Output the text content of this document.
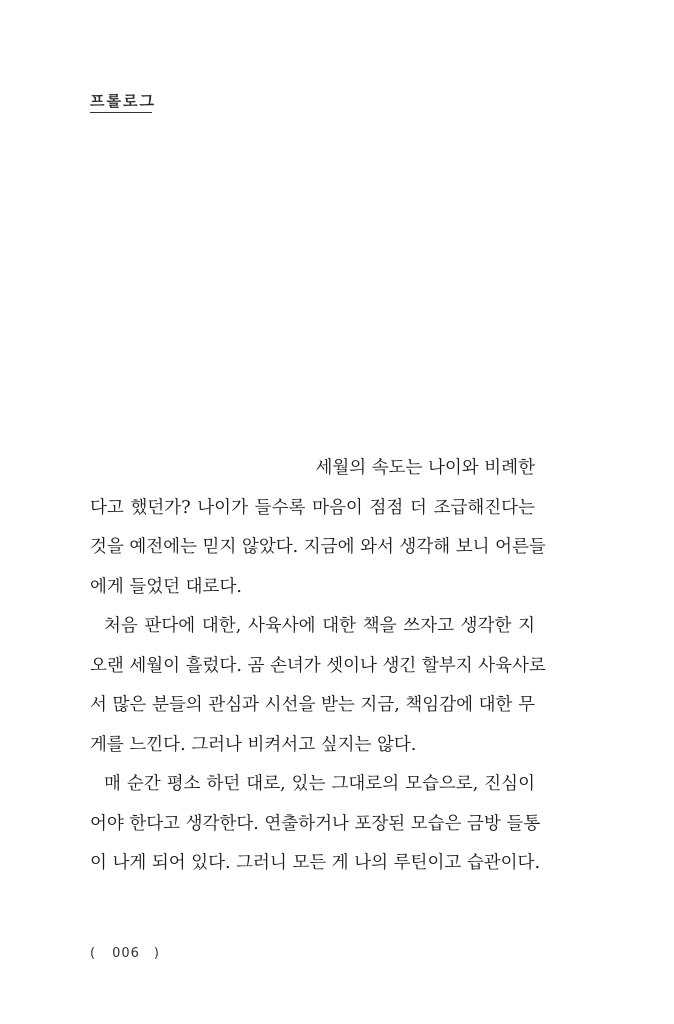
프롤로그
세월의 속도는 나이와 비례한
다고 했던가? 나이가 들수록 마음이 점점 더 조급해진다는
것을 예전에는 믿지 않았다. 지금에 와서 생각해 보니 어른들
에게 들었던 대로다.
처음 판다에 대한, 사육사에 대한 책을 쓰자고 생각한 지
오랜 세월이 흘렀다. 곰 손녀가 셋이나 생긴 할부지 사육사로
서 많은 분들의 관심과 시선을 받는 지금, 책임감에 대한 무
게를 느낀다. 그러나 비켜서고 싶지는 않다.
매 순간 평소 하던 대로, 있는 그대로의 모습으로, 진심이
어야 한다고 생각한다. 연출하거나 포장된 모습은 금방 들통
이 나게 되어 있다. 그러니 모든 게 나의 루틴이고 습관이다.
( 006 )
